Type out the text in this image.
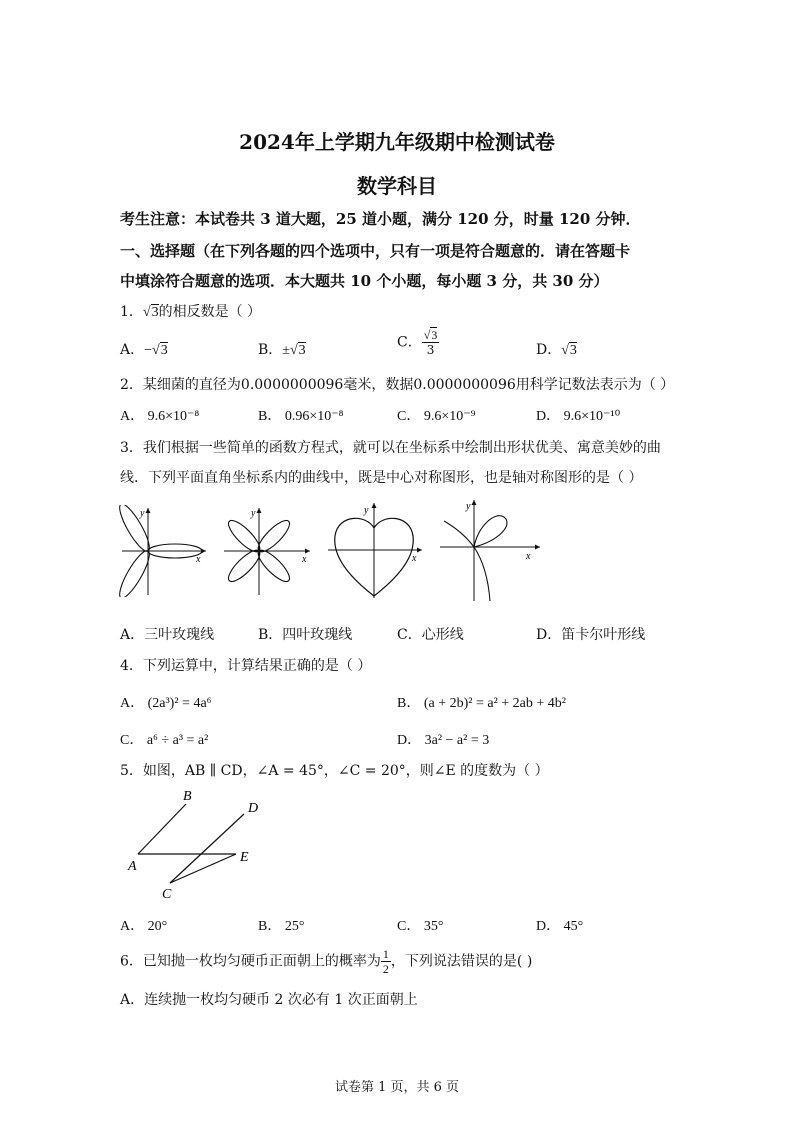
2024年上学期九年级期中检测试卷
数学科目
考生注意：本试卷共 3 道大题，25 道小题，满分 120 分，时量 120 分钟．
一、选择题（在下列各题的四个选项中，只有一项是符合题意的．请在答题卡
中填涂符合题意的选项．本大题共 10 个小题，每小题 3 分，共 30 分）
1．√3的相反数是（ ）
A．−√3	B．±√3	C． $\frac{√3}{3}$	D．√3
2．某细菌的直径为0.0000000096毫米，数据0.0000000096用科学记数法表示为（ ）
A． 9.6×10⁻⁸	B． 0.96×10⁻⁸	C． 9.6×10⁻⁹	D． 9.6×10⁻¹⁰
3．我们根据一些简单的函数方程式，就可以在坐标系中绘制出形状优美、寓意美妙的曲
线．下列平面直角坐标系内的曲线中，既是中心对称图形，也是轴对称图形的是（ ）
y
x
y
x
y
x
y
x
A．三叶玫瑰线	B．四叶玫瑰线	C．心形线	D．笛卡尔叶形线
4．下列运算中，计算结果正确的是（ ）
A． (2a³)² = 4a⁶	B． (a + 2b)² = a² + 2ab + 4b²
C． a⁶ ÷ a³ = a²	D． 3a² − a² = 3
5．如图，AB ∥ CD，∠A = 45°，∠C = 20°，则∠E 的度数为（ ）
A
B
C
D
E
A． 20°	B． 25°	C． 35°	D． 45°
6．已知抛一枚均匀硬币正面朝上的概率为 $\frac{1}{2}$ ，下列说法错误的是( )
A．连续抛一枚均匀硬币 2 次必有 1 次正面朝上
试卷第 1 页，共 6 页
